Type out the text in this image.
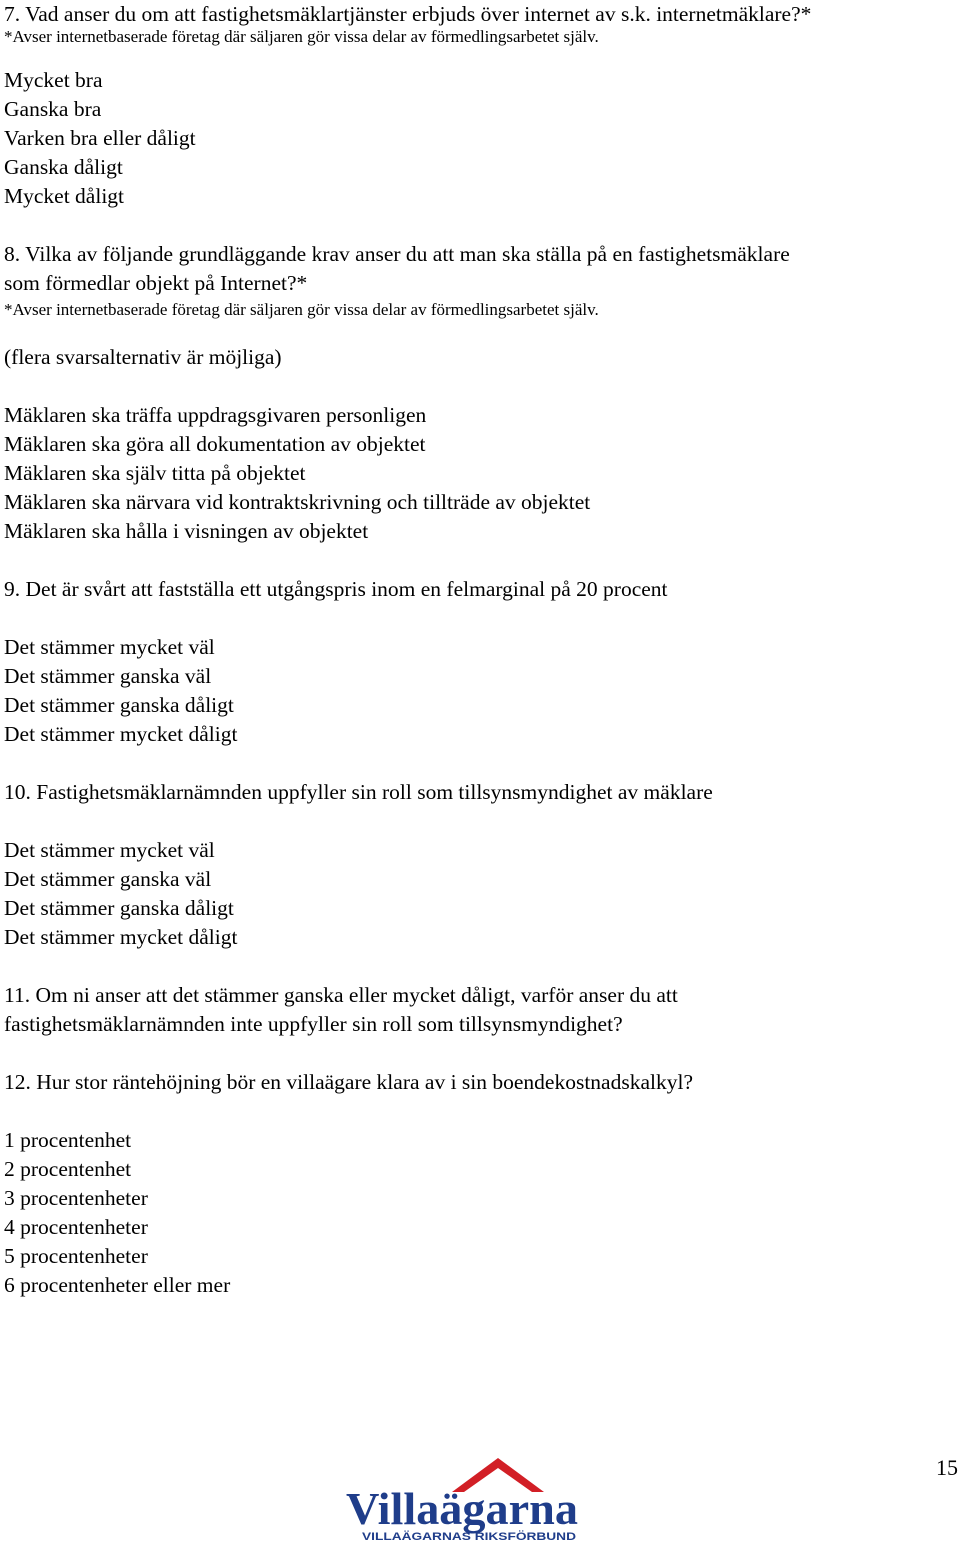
7. Vad anser du om att fastighetsmäklartjänster erbjuds över internet av s.k. internetmäklare?*

*Avser internetbaserade företag där säljaren gör vissa delar av förmedlingsarbetet själv.

Mycket bra

Ganska bra

Varken bra eller dåligt

Ganska dåligt

Mycket dåligt

8. Vilka av följande grundläggande krav anser du att man ska ställa på en fastighetsmäklare

som förmedlar objekt på Internet?*

*Avser internetbaserade företag där säljaren gör vissa delar av förmedlingsarbetet själv.

(flera svarsalternativ är möjliga)

Mäklaren ska träffa uppdragsgivaren personligen

Mäklaren ska göra all dokumentation av objektet

Mäklaren ska själv titta på objektet

Mäklaren ska närvara vid kontraktskrivning och tillträde av objektet

Mäklaren ska hålla i visningen av objektet

9. Det är svårt att fastställa ett utgångspris inom en felmarginal på 20 procent

Det stämmer mycket väl

Det stämmer ganska väl

Det stämmer ganska dåligt

Det stämmer mycket dåligt

10. Fastighetsmäklarnämnden uppfyller sin roll som tillsynsmyndighet av mäklare

Det stämmer mycket väl

Det stämmer ganska väl

Det stämmer ganska dåligt

Det stämmer mycket dåligt

11. Om ni anser att det stämmer ganska eller mycket dåligt, varför anser du att

fastighetsmäklarnämnden inte uppfyller sin roll som tillsynsmyndighet?

12. Hur stor räntehöjning bör en villaägare klara av i sin boendekostnadskalkyl?

1 procentenhet

2 procentenhet

3 procentenheter

4 procentenheter

5 procentenheter

6 procentenheter eller mer

15
Villaägarna
VILLAÄGARNAS RIKSFÖRBUND
